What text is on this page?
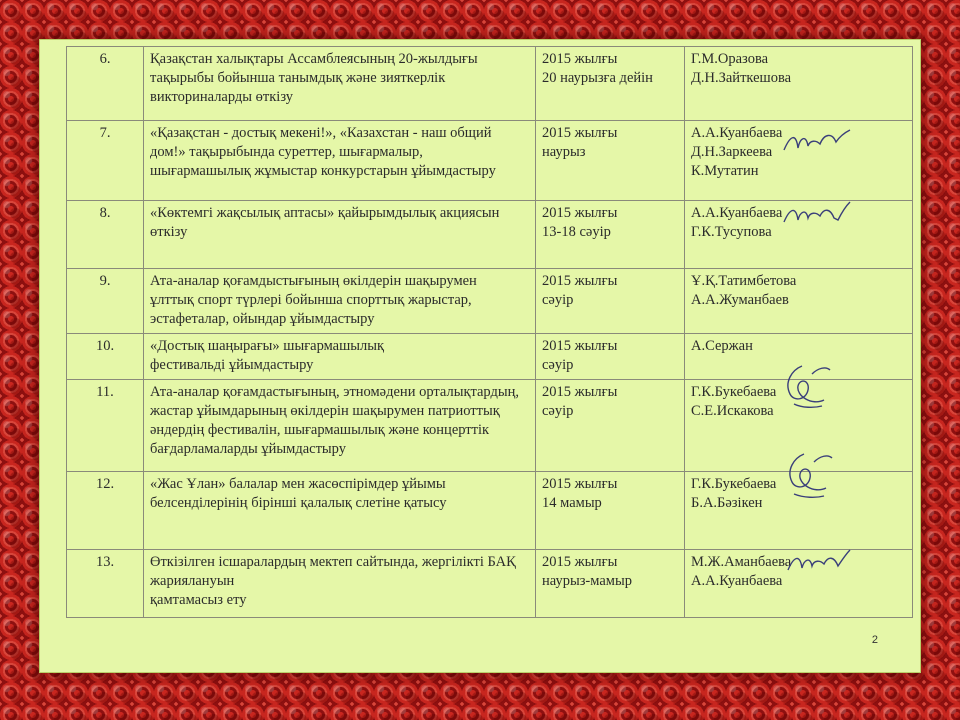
6.	Қазақстан халықтары Ассамблеясының 20-жылдығы
тақырыбы бойынша танымдық және зияткерлік
викториналарды өткізу	2015 жылғы
20 наурызға дейін	Г.М.Оразова
Д.Н.Зайткешова

7.	«Қазақстан - достық мекені!», «Казахстан - наш общий
дом!» тақырыбында суреттер, шығармалыр,
шығармашылық жұмыстар конкурстарын ұйымдастыру	2015 жылғы
наурыз	А.А.Куанбаева
Д.Н.Заркеева
К.Мутатин

8.	«Көктемгі жақсылық аптасы» қайырымдылық акциясын
өткізу	2015 жылғы
13-18 сәуір	А.А.Куанбаева
Г.К.Тусупова

9.	Ата-аналар қоғамдыстығының өкілдерін шақырумен
ұлттық спорт түрлері бойынша спорттық жарыстар,
эстафеталар, ойындар ұйымдастыру	2015 жылғы
сәуір	Ұ.Қ.Татимбетова
А.А.Жуманбаев

10.	«Достық шаңырағы» шығармашылық
фестивальді ұйымдастыру	2015 жылғы
сәуір	А.Сержан

11.	Ата-аналар қоғамдастығының, этномәдени орталықтардың,
жастар ұйымдарының өкілдерін шақырумен патриоттық
әндердің фестивалін, шығармашылық және концерттік
бағдарламаларды ұйымдастыру	2015 жылғы
сәуір	Г.К.Букебаева
С.Е.Искакова

12.	«Жас Ұлан» балалар мен жасөспірімдер ұйымы
белсенділерінің бірінші қалалық слетіне қатысу	2015 жылғы
14 мамыр	Г.К.Букебаева
Б.А.Бәзікен

13.	Өткізілген ісшаралардың мектеп сайтында, жергілікті БАҚ
жариялануын
қамтамасыз ету	2015 жылғы
наурыз-мамыр	М.Ж.Аманбаева
А.А.Куанбаева
2
